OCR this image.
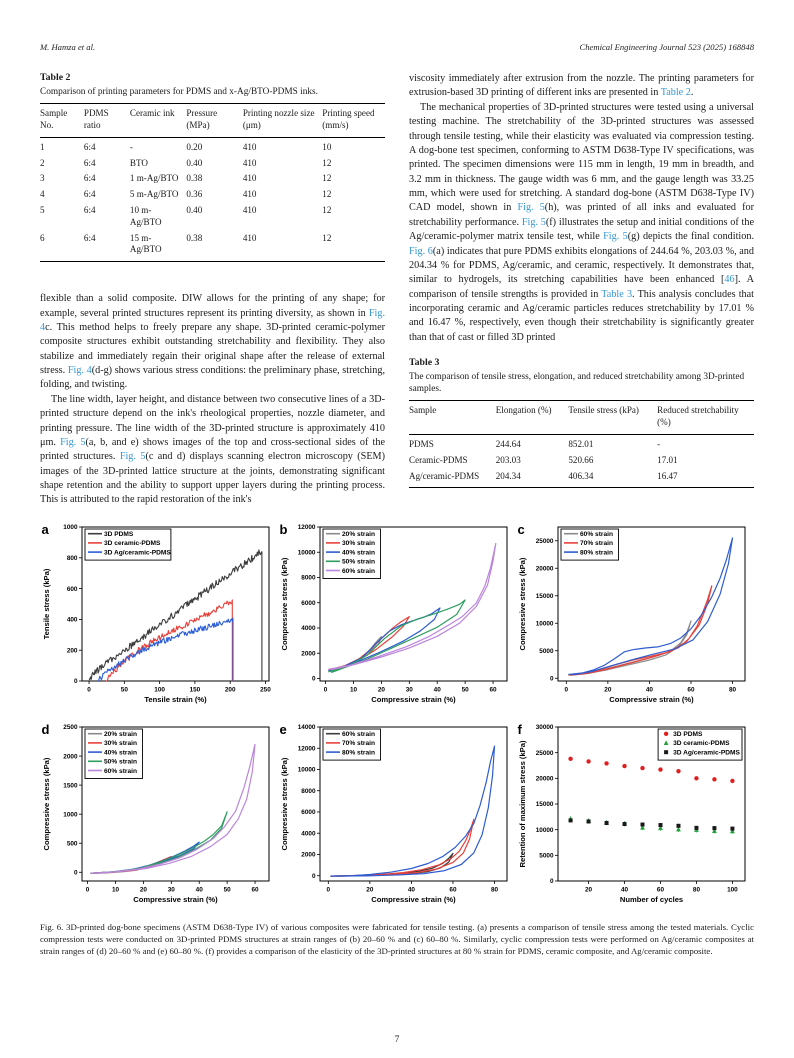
M. Hamza et al.	Chemical Engineering Journal 523 (2025) 168848

Table 2

Comparison of printing parameters for PDMS and x-Ag/BTO-PDMS inks.

Sample No.	PDMS ratio	Ceramic ink	Pressure (MPa)	Printing nozzle size (μm)	Printing speed (mm/s)
1	6:4	-	0.20	410	10
2	6:4	BTO	0.40	410	12
3	6:4	1 m-Ag/BTO	0.38	410	12
4	6:4	5 m-Ag/BTO	0.36	410	12
5	6:4	10 m-Ag/BTO	0.40	410	12
6	6:4	15 m-Ag/BTO	0.38	410	12

flexible than a solid composite. DIW allows for the printing of any shape; for example, several printed structures represent its printing diversity, as shown in Fig. 4c. This method helps to freely prepare any shape. 3D-printed ceramic-polymer composite structures exhibit outstanding stretchability and flexibility. They also stabilize and immediately regain their original shape after the release of external stress. Fig. 4(d-g) shows various stress conditions: the preliminary phase, stretching, folding, and twisting.

The line width, layer height, and distance between two consecutive lines of a 3D-printed structure depend on the ink's rheological properties, nozzle diameter, and printing pressure. The line width of the 3D-printed structure is approximately 410 μm. Fig. 5(a, b, and e) shows images of the top and cross-sectional sides of the printed structures. Fig. 5(c and d) displays scanning electron microscopy (SEM) images of the 3D-printed lattice structure at the joints, demonstrating significant shape retention and the ability to support upper layers during the printing process. This is attributed to the rapid restoration of the ink's

viscosity immediately after extrusion from the nozzle. The printing parameters for extrusion-based 3D printing of different inks are presented in Table 2.

The mechanical properties of 3D-printed structures were tested using a universal testing machine. The stretchability of the 3D-printed structures was assessed through tensile testing, while their elasticity was evaluated via compression testing. A dog-bone test specimen, conforming to ASTM D638-Type IV specifications, was printed. The specimen dimensions were 115 mm in length, 19 mm in breadth, and 3.2 mm in thickness. The gauge width was 6 mm, and the gauge length was 33.25 mm, which were used for stretching. A standard dog-bone (ASTM D638-Type IV) CAD model, shown in Fig. 5(h), was printed of all inks and evaluated for stretchability performance. Fig. 5(f) illustrates the setup and initial conditions of the Ag/ceramic-polymer matrix tensile test, while Fig. 5(g) depicts the final condition. Fig. 6(a) indicates that pure PDMS exhibits elongations of 244.64 %, 203.03 %, and 204.34 % for PDMS, Ag/ceramic, and ceramic, respectively. It demonstrates that, similar to hydrogels, its stretching capabilities have been enhanced [46]. A comparison of tensile strengths is provided in Table 3. This analysis concludes that incorporating ceramic and Ag/ceramic particles reduces stretchability by 17.01 % and 16.47 %, respectively, even though their stretchability is significantly greater than that of cast or filled 3D printed

Table 3

The comparison of tensile stress, elongation, and reduced stretchability among 3D-printed samples.

Sample	Elongation (%)	Tensile stress (kPa)	Reduced stretchability (%)
PDMS	244.64	852.01	-
Ceramic-PDMS	203.03	520.66	17.01
Ag/ceramic-PDMS	204.34	406.34	16.47
0	50	100	150	200	250
0
200
400
600
800
1000
Tensile strain (%)
Tensile stress (kPa)
3D PDMS
3D ceramic-PDMS
3D Ag/ceramic-PDMS
a
0	10	20	30	40	50	60
0
2000
4000
6000
8000
10000
12000
Compressive strain (%)
Compressive stress (kPa)
20% strain
30% strain
40% strain
50% strain
60% strain
b
0	20	40	60	80
0
5000
10000
15000
20000
25000
Compressive strain (%)
Compressive stress (kPa)
60% strain
70% strain
80% strain
c
0	10	20	30	40	50	60
0
500
1000
1500
2000
2500
Compressive strain (%)
Compressive stress (kPa)
20% strain
30% strain
40% strain
50% strain
60% strain
d
0	20	40	60	80
0
2000
4000
6000
8000
10000
12000
14000
Compressive strain (%)
Compressive stress (kPa)
60% strain
70% strain
80% strain
e
20	40	60	80	100
0
5000
10000
15000
20000
25000
30000
Number of cycles
Retention of maximum stress (kPa)
3D PDMS
3D ceramic-PDMS
3D Ag/ceramic-PDMS
f

Fig. 6. 3D-printed dog-bone specimens (ASTM D638-Type IV) of various composites were fabricated for tensile testing. (a) presents a comparison of tensile stress among the tested materials. Cyclic compression tests were conducted on 3D-printed PDMS structures at strain ranges of (b) 20–60 % and (c) 60–80 %. Similarly, cyclic compression tests were performed on Ag/ceramic composites at strain ranges of (d) 20–60 % and (e) 60–80 %. (f) provides a comparison of the elasticity of the 3D-printed structures at 80 % strain for PDMS, ceramic composite, and Ag/ceramic composite.

7
